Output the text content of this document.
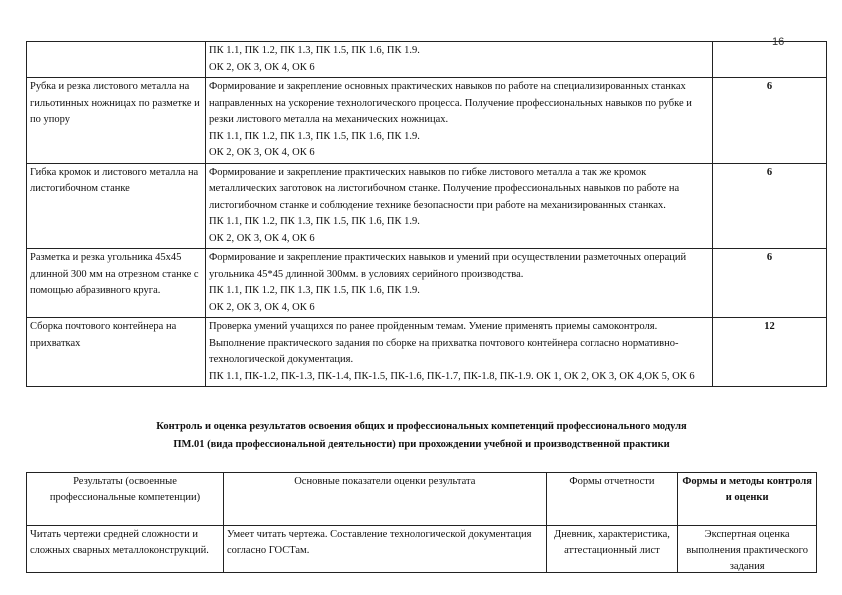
16

	ПК 1.1, ПК 1.2, ПК 1.3, ПК 1.5, ПК 1.6, ПК 1.9.
ОК 2, ОК 3, ОК 4, ОК 6	

Рубка и резка листового металла на гильотинных ножницах по разметке и по упору	Формирование и закрепление основных практических навыков по работе на специализированных станках направленных на ускорение технологического процесса. Получение профессиональных навыков по рубке и резки листового металла на механических ножницах.
ПК 1.1, ПК 1.2, ПК 1.3, ПК 1.5, ПК 1.6, ПК 1.9.
ОК 2, ОК 3, ОК 4, ОК 6	6
Гибка кромок и листового металла на листогибочном станке	Формирование и закрепление практических навыков по гибке листового металла а так же кромок металлических заготовок на листогибочном станке. Получение профессиональных навыков по работе на листогибочном станке и соблюдение технике безопасности при работе на механизированных станках.
ПК 1.1, ПК 1.2, ПК 1.3, ПК 1.5, ПК 1.6, ПК 1.9.
ОК 2, ОК 3, ОК 4, ОК 6	6
Разметка и резка угольника 45х45 длинной 300 мм на отрезном станке с помощью абразивного круга.	Формирование и закрепление практических навыков и умений при осуществлении разметочных операций угольника 45*45 длинной 300мм. в условиях серийного производства.
ПК 1.1, ПК 1.2, ПК 1.3, ПК 1.5, ПК 1.6, ПК 1.9.
ОК 2, ОК 3, ОК 4, ОК 6	6
Сборка почтового контейнера на прихватках	Проверка умений учащихся по ранее пройденным темам. Умение применять приемы самоконтроля. Выполнение практического задания по сборке на прихватка почтового контейнера согласно нормативно-технологической документация.
ПК 1.1, ПК-1.2, ПК-1.3, ПК-1.4, ПК-1.5, ПК-1.6, ПК-1.7, ПК-1.8, ПК-1.9. ОК 1, ОК 2, ОК 3, ОК 4,ОК 5, ОК 6	12
Контроль и оценка результатов освоения общих и профессиональных компетенций профессионального модуля
ПМ.01 (вида профессиональной деятельности) при прохождении учебной и производственной практики
Результаты (освоенные профессиональные компетенции)	Основные показатели оценки результата	Формы отчетности	Формы и методы контроля и оценки

Читать чертежи средней сложности и сложных сварных металлоконструкций.	Умеет читать чертежа. Составление технологической документация согласно ГОСТам.	Дневник, характеристика, аттестационный лист	Экспертная оценка выполнения практического задания
